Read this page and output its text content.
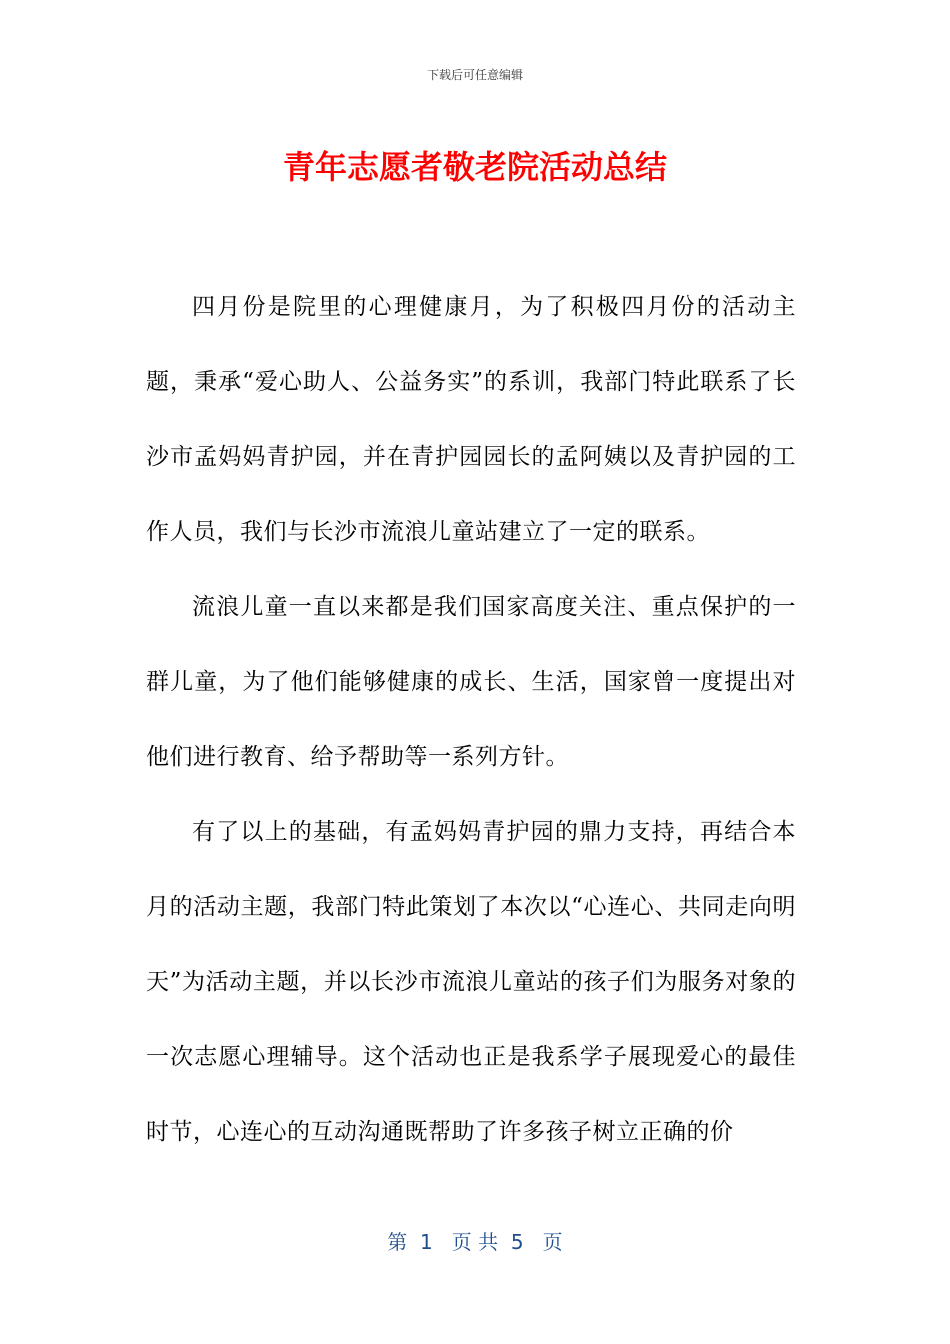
下载后可任意编辑
青年志愿者敬老院活动总结

四月份是院里的心理健康月，为了积极四月份的活动主题，秉承“爱心助人、公益务实”的系训，我部门特此联系了长沙市孟妈妈青护园，并在青护园园长的孟阿姨以及青护园的工作人员，我们与长沙市流浪儿童站建立了一定的联系。

流浪儿童一直以来都是我们国家高度关注、重点保护的一群儿童，为了他们能够健康的成长、生活，国家曾一度提出对他们进行教育、给予帮助等一系列方针。

有了以上的基础，有孟妈妈青护园的鼎力支持，再结合本月的活动主题，我部门特此策划了本次以“心连心、共同走向明天”为活动主题，并以长沙市流浪儿童站的孩子们为服务对象的一次志愿心理辅导。这个活动也正是我系学子展现爱心的最佳时节，心连心的互动沟通既帮助了许多孩子树立正确的价

第  1   页 共  5   页
